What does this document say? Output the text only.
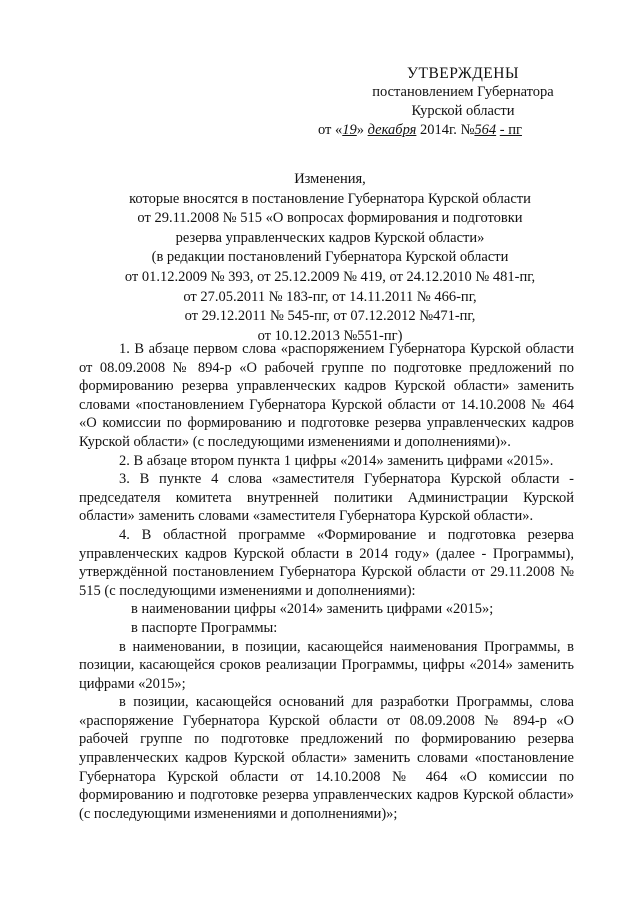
УТВЕРЖДЕНЫ
постановлением Губернатора
Курской области
от «19» декабря 2014г. №564 - пг
Изменения,
которые вносятся в постановление Губернатора Курской области
от 29.11.2008 № 515 «О вопросах формирования и подготовки
резерва управленческих кадров Курской области»
(в редакции постановлений Губернатора Курской области
от 01.12.2009 № 393, от 25.12.2009 № 419, от 24.12.2010 № 481-пг,
от 27.05.2011 № 183-пг, от 14.11.2011 № 466-пг,
от 29.12.2011 № 545-пг, от 07.12.2012 №471-пг,
от 10.12.2013 №551-пг)

1. В абзаце первом слова «распоряжением Губернатора Курской области от 08.09.2008 № 894-р «О рабочей группе по подготовке предложений по формированию резерва управленческих кадров Курской области» заменить словами «постановлением Губернатора Курской области от 14.10.2008 № 464 «О комиссии по формированию и подготовке резерва управленческих кадров Курской области» (с последующими изменениями и дополнениями)».

2. В абзаце втором пункта 1 цифры «2014» заменить цифрами «2015».

3. В пункте 4 слова «заместителя Губернатора Курской области - председателя комитета внутренней политики Администрации Курской области» заменить словами «заместителя Губернатора Курской области».

4. В областной программе «Формирование и подготовка резерва управленческих кадров Курской области в 2014 году» (далее - Программы), утверждённой постановлением Губернатора Курской области от 29.11.2008 № 515 (с последующими изменениями и дополнениями):

в наименовании цифры «2014» заменить цифрами «2015»;

в паспорте Программы:

в наименовании, в позиции, касающейся наименования Программы, в позиции, касающейся сроков реализации Программы, цифры «2014» заменить цифрами «2015»;

в позиции, касающейся оснований для разработки Программы, слова «распоряжение Губернатора Курской области от 08.09.2008 № 894-р «О рабочей группе по подготовке предложений по формированию резерва управленческих кадров Курской области» заменить словами «постановление Губернатора Курской области от 14.10.2008 № 464 «О комиссии по формированию и подготовке резерва управленческих кадров Курской области» (с последующими изменениями и дополнениями)»;
